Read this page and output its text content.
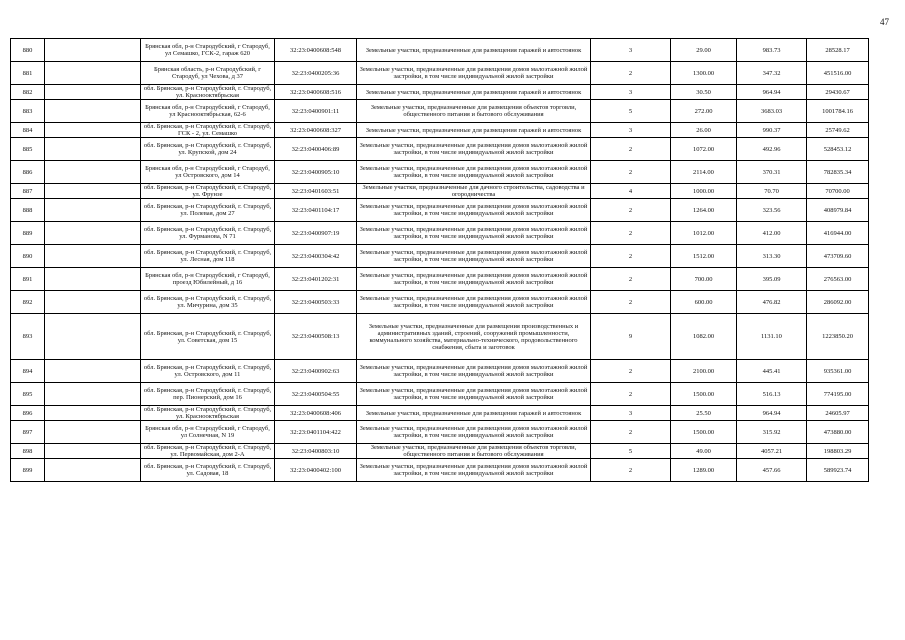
47
880		Брянская обл, р-н Стародубский, г Стародуб, ул Семашко, ГСК-2, гараж 620	32:23:0400608:548	Земельные участки, предназначенные для размещения гаражей и автостоянок	3	29.00	983.73	28528.17
881		Брянская область, р-н Стародубский, г Стародуб, ул Чехова, д 37	32:23:0400205:36	Земельные участки, предназначенные для размещения домов малоэтажной жилой застройки, в том числе индивидуальной жилой застройки	2	1300.00	347.32	451516.00
882		обл. Брянская, р-н Стародубский, г. Стародуб, ул. Краснооктябрьская	32:23:0400608:516	Земельные участки, предназначенные для размещения гаражей и автостоянок	3	30.50	964.94	29430.67
883		Брянская обл, р-н Стародубский, г Стародуб, ул Краснооктябрьская, 62-6	32:23:0400901:11	Земельные участки, предназначенные для размещения объектов торговли, общественного питания и бытового обслуживания	5	272.00	3683.03	1001784.16
884		обл. Брянская, р-н Стародубский, г. Стародуб, ГСК - 2, ул. Семашко	32:23:0400608:327	Земельные участки, предназначенные для размещения гаражей и автостоянок	3	26.00	990.37	25749.62
885		обл. Брянская, р-н Стародубский, г. Стародуб, ул. Крупской, дом 24	32:23:0400406:89	Земельные участки, предназначенные для размещения домов малоэтажной жилой застройки, в том числе индивидуальной жилой застройки	2	1072.00	492.96	528453.12
886		Брянская обл, р-н Стародубский, г Стародуб, ул Островского, дом 14	32:23:0400905:10	Земельные участки, предназначенные для размещения домов малоэтажной жилой застройки, в том числе индивидуальной жилой застройки	2	2114.00	370.31	782835.34
887		обл. Брянская, р-н Стародубский, г. Стародуб, ул. Фрунзе	32:23:0401603:51	Земельные участки, предназначенные для дачного строительства, садоводства и огородничества	4	1000.00	70.70	70700.00
888		обл. Брянская, р-н Стародубский, г. Стародуб, ул. Полевая, дом 27	32:23:0401104:17	Земельные участки, предназначенные для размещения домов малоэтажной жилой застройки, в том числе индивидуальной жилой застройки	2	1264.00	323.56	408979.84
889		обл. Брянская, р-н Стародубский, г. Стародуб, ул. Фурманова, N 71	32:23:0400907:19	Земельные участки, предназначенные для размещения домов малоэтажной жилой застройки, в том числе индивидуальной жилой застройки	2	1012.00	412.00	416944.00
890		обл. Брянская, р-н Стародубский, г. Стародуб, ул. Лесная, дом 118	32:23:0400304:42	Земельные участки, предназначенные для размещения домов малоэтажной жилой застройки, в том числе индивидуальной жилой застройки	2	1512.00	313.30	473709.60
891		Брянская обл, р-н Стародубский, г Стародуб, проезд Юбилейный, д 16	32:23:0401202:31	Земельные участки, предназначенные для размещения домов малоэтажной жилой застройки, в том числе индивидуальной жилой застройки	2	700.00	395.09	276563.00
892		обл. Брянская, р-н Стародубский, г. Стародуб, ул. Мичурина, дом 35	32:23:0400503:33	Земельные участки, предназначенные для размещения домов малоэтажной жилой застройки, в том числе индивидуальной жилой застройки	2	600.00	476.82	286092.00
893		обл. Брянская, р-н Стародубский, г. Стародуб, ул. Советская, дом 15	32:23:0400508:13	Земельные участки, предназначенные для размещения производственных и административных зданий, строений, сооружений промышленности, коммунального хозяйства, материально-технического, продовольственного снабжения, сбыта и заготовок	9	1082.00	1131.10	1223850.20
894		обл. Брянская, р-н Стародубский, г. Стародуб, ул. Островского, дом 11	32:23:0400902:63	Земельные участки, предназначенные для размещения домов малоэтажной жилой застройки, в том числе индивидуальной жилой застройки	2	2100.00	445.41	935361.00
895		обл. Брянская, р-н Стародубский, г. Стародуб, пер. Пионерский, дом 16	32:23:0400504:55	Земельные участки, предназначенные для размещения домов малоэтажной жилой застройки, в том числе индивидуальной жилой застройки	2	1500.00	516.13	774195.00
896		обл. Брянская, р-н Стародубский, г. Стародуб, ул. Краснооктябрьская	32:23:0400608:406	Земельные участки, предназначенные для размещения гаражей и автостоянок	3	25.50	964.94	24605.97
897		Брянская обл, р-н Стародубский, г Стародуб, ул Солнечная, N 19	32:23:0401104:422	Земельные участки, предназначенные для размещения домов малоэтажной жилой застройки, в том числе индивидуальной жилой застройки	2	1500.00	315.92	473880.00
898		обл. Брянская, р-н Стародубский, г. Стародуб, ул. Первомайская, дом 2-А	32:23:0400803:10	Земельные участки, предназначенные для размещения объектов торговли, общественного питания и бытового обслуживания	5	49.00	4057.21	198803.29
899		обл. Брянская, р-н Стародубский, г. Стародуб, ул. Садовая, 18	32:23:0400402:100	Земельные участки, предназначенные для размещения домов малоэтажной жилой застройки, в том числе индивидуальной жилой застройки	2	1289.00	457.66	589923.74
